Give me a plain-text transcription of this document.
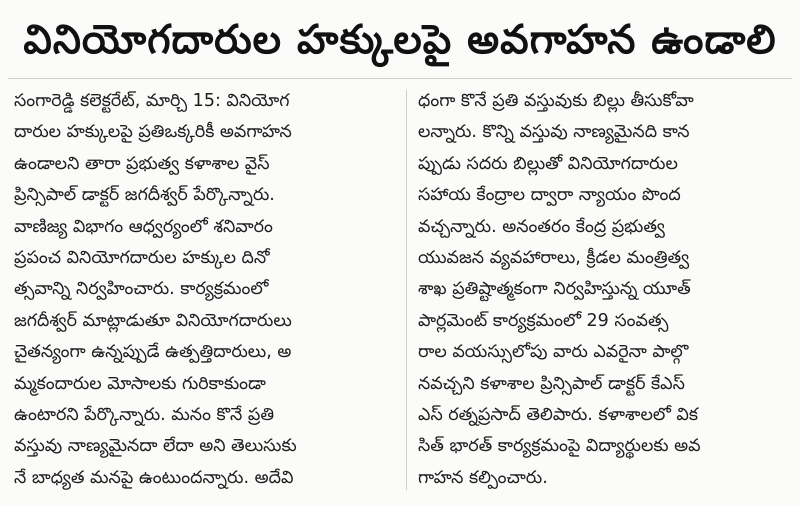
వినియోగదారుల హక్కులపై అవగాహన ఉండాలి
సంగారెడ్డి కలెక్టరేట్, మార్చి 15: వినియోగ
దారుల హక్కులపై ప్రతిఒక్కరికీ అవగాహన
ఉండాలని తారా ప్రభుత్వ కళాశాల వైస్
ప్రిన్సిపాల్ డాక్టర్ జగదీశ్వర్ పేర్కొన్నారు.
వాణిజ్య విభాగం ఆధ్వర్యంలో శనివారం
ప్రపంచ వినియోగదారుల హక్కుల దినో
త్సవాన్ని నిర్వహించారు. కార్యక్రమంలో
జగదీశ్వర్ మాట్లాడుతూ వినియోగదారులు
చైతన్యంగా ఉన్నప్పుడే ఉత్పత్తిదారులు, అ
మ్మకందారుల మోసాలకు గురికాకుండా
ఉంటారని పేర్కొన్నారు. మనం కొనే ప్రతి
వస్తువు నాణ్యమైనదా లేదా అని తెలుసుకు
నే బాధ్యత మనపై ఉంటుందన్నారు. అదేవి
ధంగా కొనే ప్రతి వస్తువుకు బిల్లు తీసుకోవా
లన్నారు. కొన్ని వస్తువు నాణ్యమైనది కాన
ప్పుడు సదరు బిల్లుతో వినియోగదారుల
సహాయ కేంద్రాల ద్వారా న్యాయం పొంద
వచ్చన్నారు. అనంతరం కేంద్ర ప్రభుత్వ
యువజన వ్యవహారాలు, క్రీడల మంత్రిత్వ
శాఖ ప్రతిష్టాత్మకంగా నిర్వహిస్తున్న యూత్
పార్లమెంట్ కార్యక్రమంలో 29 సంవత్స
రాల వయస్సులోపు వారు ఎవరైనా పాల్గొ
నవచ్చని కళాశాల ప్రిన్సిపాల్ డాక్టర్ కేఎస్
ఎస్ రత్నప్రసాద్ తెలిపారు. కళాశాలలో విక
సిత్ భారత్ కార్యక్రమంపై విద్యార్థులకు అవ
గాహన కల్పించారు.
